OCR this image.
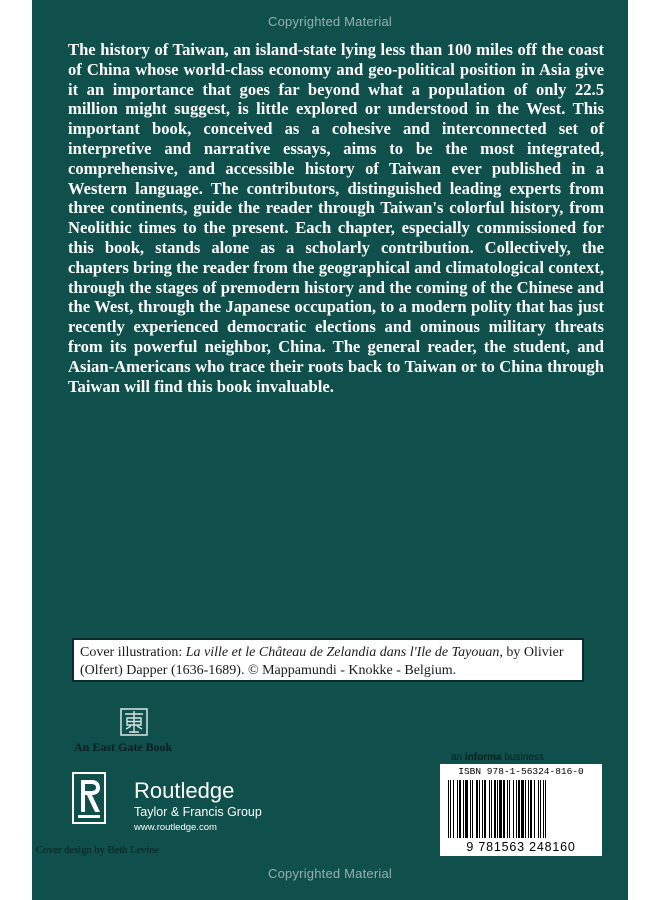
Copyrighted Material

The history of Taiwan, an island-state lying less than 100 miles off the coast of China whose world-class economy and geo-political position in Asia give it an importance that goes far beyond what a population of only 22.5 million might suggest, is little explored or understood in the West. This important book, conceived as a cohesive and interconnected set of interpretive and narrative essays, aims to be the most integrated, comprehensive, and accessible history of Taiwan ever published in a Western language. The contributors, distinguished leading experts from three continents, guide the reader through Taiwan's colorful history, from Neolithic times to the present. Each chapter, especially commissioned for this book, stands alone as a scholarly contribution. Collectively, the chapters bring the reader from the geographical and climatological context, through the stages of premodern history and the coming of the Chinese and the West, through the Japanese occupation, to a modern polity that has just recently experienced democratic elections and ominous military threats from its powerful neighbor, China. The general reader, the student, and Asian-Americans who trace their roots back to Taiwan or to China through Taiwan will find this book invaluable.

Cover illustration: La ville et le Château de Zelandia dans l'Ile de Tayouan, by Olivier (Olfert) Dapper (1636-1689). © Mappamundi - Knokke - Belgium.
An East Gate Book
Routledge
Taylor & Francis Group
www.routledge.com
Cover design by Beth Levine
an informa business
ISBN 978-1-56324-816-0
9 781563 248160
Copyrighted Material
